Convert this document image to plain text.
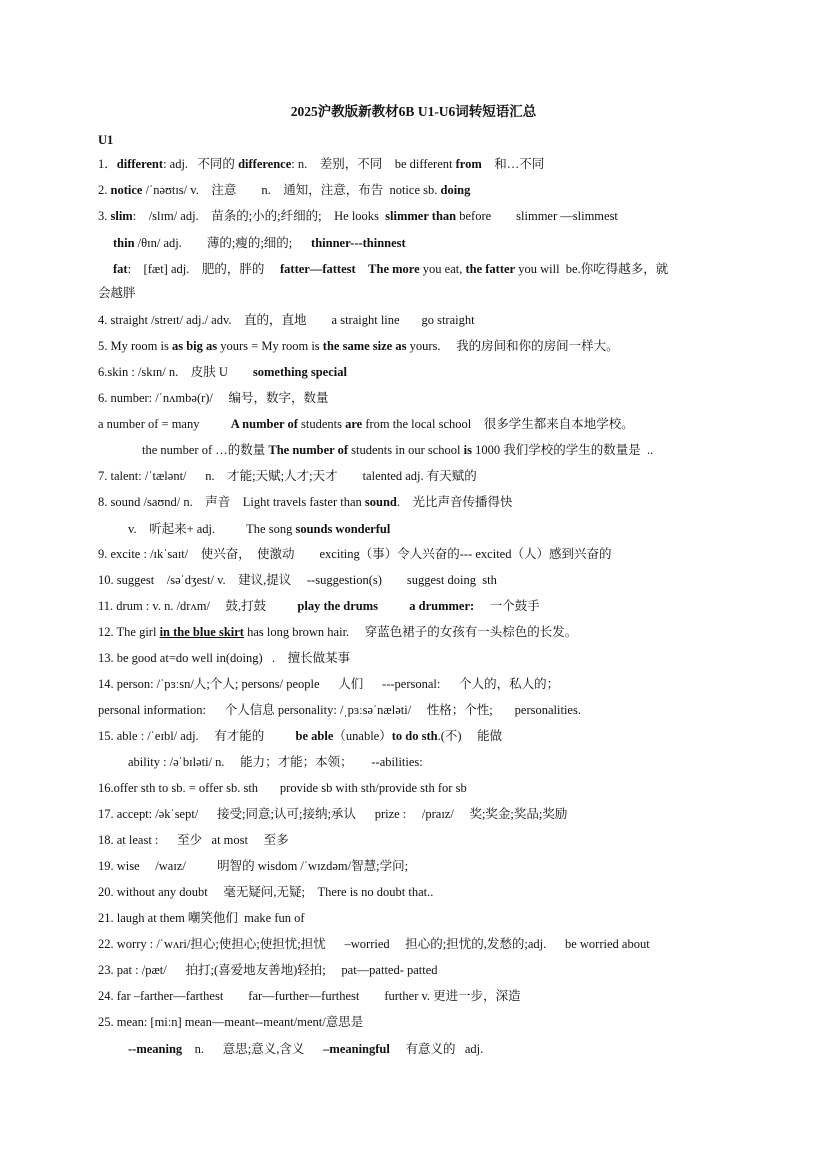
2025沪教版新教材6B U1-U6词转短语汇总
U1
1．different: adj.   不同的 difference: n.    差别，不同    be different from    和…不同
2. notice /ˈnəʊtɪs/ v.    注意        n.    通知，注意，布告  notice sb. doing
3. slim:    /slɪm/ adj.    苗条的;小的;纤细的;    He looks  slimmer than before        slimmer —slimmest
thin /θɪn/ adj.        薄的;瘦的;细的;      thinner---thinnest
fat:    [fæt] adj.    肥的，胖的     fatter—fattest The more you eat, the fatter you will  be.你吃得越多，就
会越胖
4. straight /streɪt/ adj./ adv.    直的，直地        a straight line       go straight
5. My room is as big as yours = My room is the same size as yours.     我的房间和你的房间一样大。
6.skin : /skɪn/ n.    皮肤 U        something special
6. number: /ˈnʌmbə(r)/     编号，数字，数量
a number of = many          A number of students are from the local school    很多学生都来自本地学校。
the number of …的数量 The number of students in our school is 1000 我们学校的学生的数量是  ..
7. talent: /ˈtælənt/      n.    才能;天赋;人才;天才        talented adj. 有天赋的
8. sound /saʊnd/ n.    声音    Light travels faster than sound.    光比声音传播得快
v.    听起来+ adj.          The song sounds wonderful
9. excite : /ɪkˈsaɪt/    使兴奋，  使激动        exciting（事）令人兴奋的--- excited（人）感到兴奋的
10. suggest    /səˈdʒest/ v.    建议,提议     --suggestion(s)        suggest doing  sth
11. drum : v. n. /drʌm/     鼓,打鼓          play the drums	a drummer:     一个鼓手
12. The girl in the blue skirt has long brown hair.     穿蓝色裙子的女孩有一头棕色的长发。
13. be good at=do well in(doing)   .    擅长做某事
14. person: /ˈpɜːsn/人;个人; persons/ people      人们      ---personal:      个人的，私人的；
personal information:      个人信息 personality: /ˌpɜːsəˈnæləti/     性格；个性;       personalities.
15. able : /ˈeɪbl/ adj.     有才能的          be able（unable）to do sth.(不)     能做
ability : /əˈbɪləti/ n.     能力；才能；本领；      --abilities:
16.offer sth to sb. = offer sb. sth       provide sb with sth/provide sth for sb
17. accept: /əkˈsept/      接受;同意;认可;接纳;承认      prize :     /praɪz/     奖;奖金;奖品;奖励
18. at least :      至少   at most     至多
19. wise     /waɪz/          明智的 wisdom /ˈwɪzdəm/智慧;学问;
20. without any doubt     毫无疑问,无疑;    There is no doubt that..
21. laugh at them 嘲笑他们  make fun of
22. worry : /ˈwʌri/担心;使担心;使担忧;担忧      –worried     担心的;担忧的,发愁的;adj.      be worried about
23. pat : /pæt/      拍打;(喜爱地友善地)轻拍;     pat—patted- patted
24. far –farther—farthest        far—further—furthest        further v. 更进一步，深造
25. mean: [miːn] mean—meant--meant/ment/意思是
--meaning    n.      意思;意义,含义      –meaningful     有意义的   adj.
